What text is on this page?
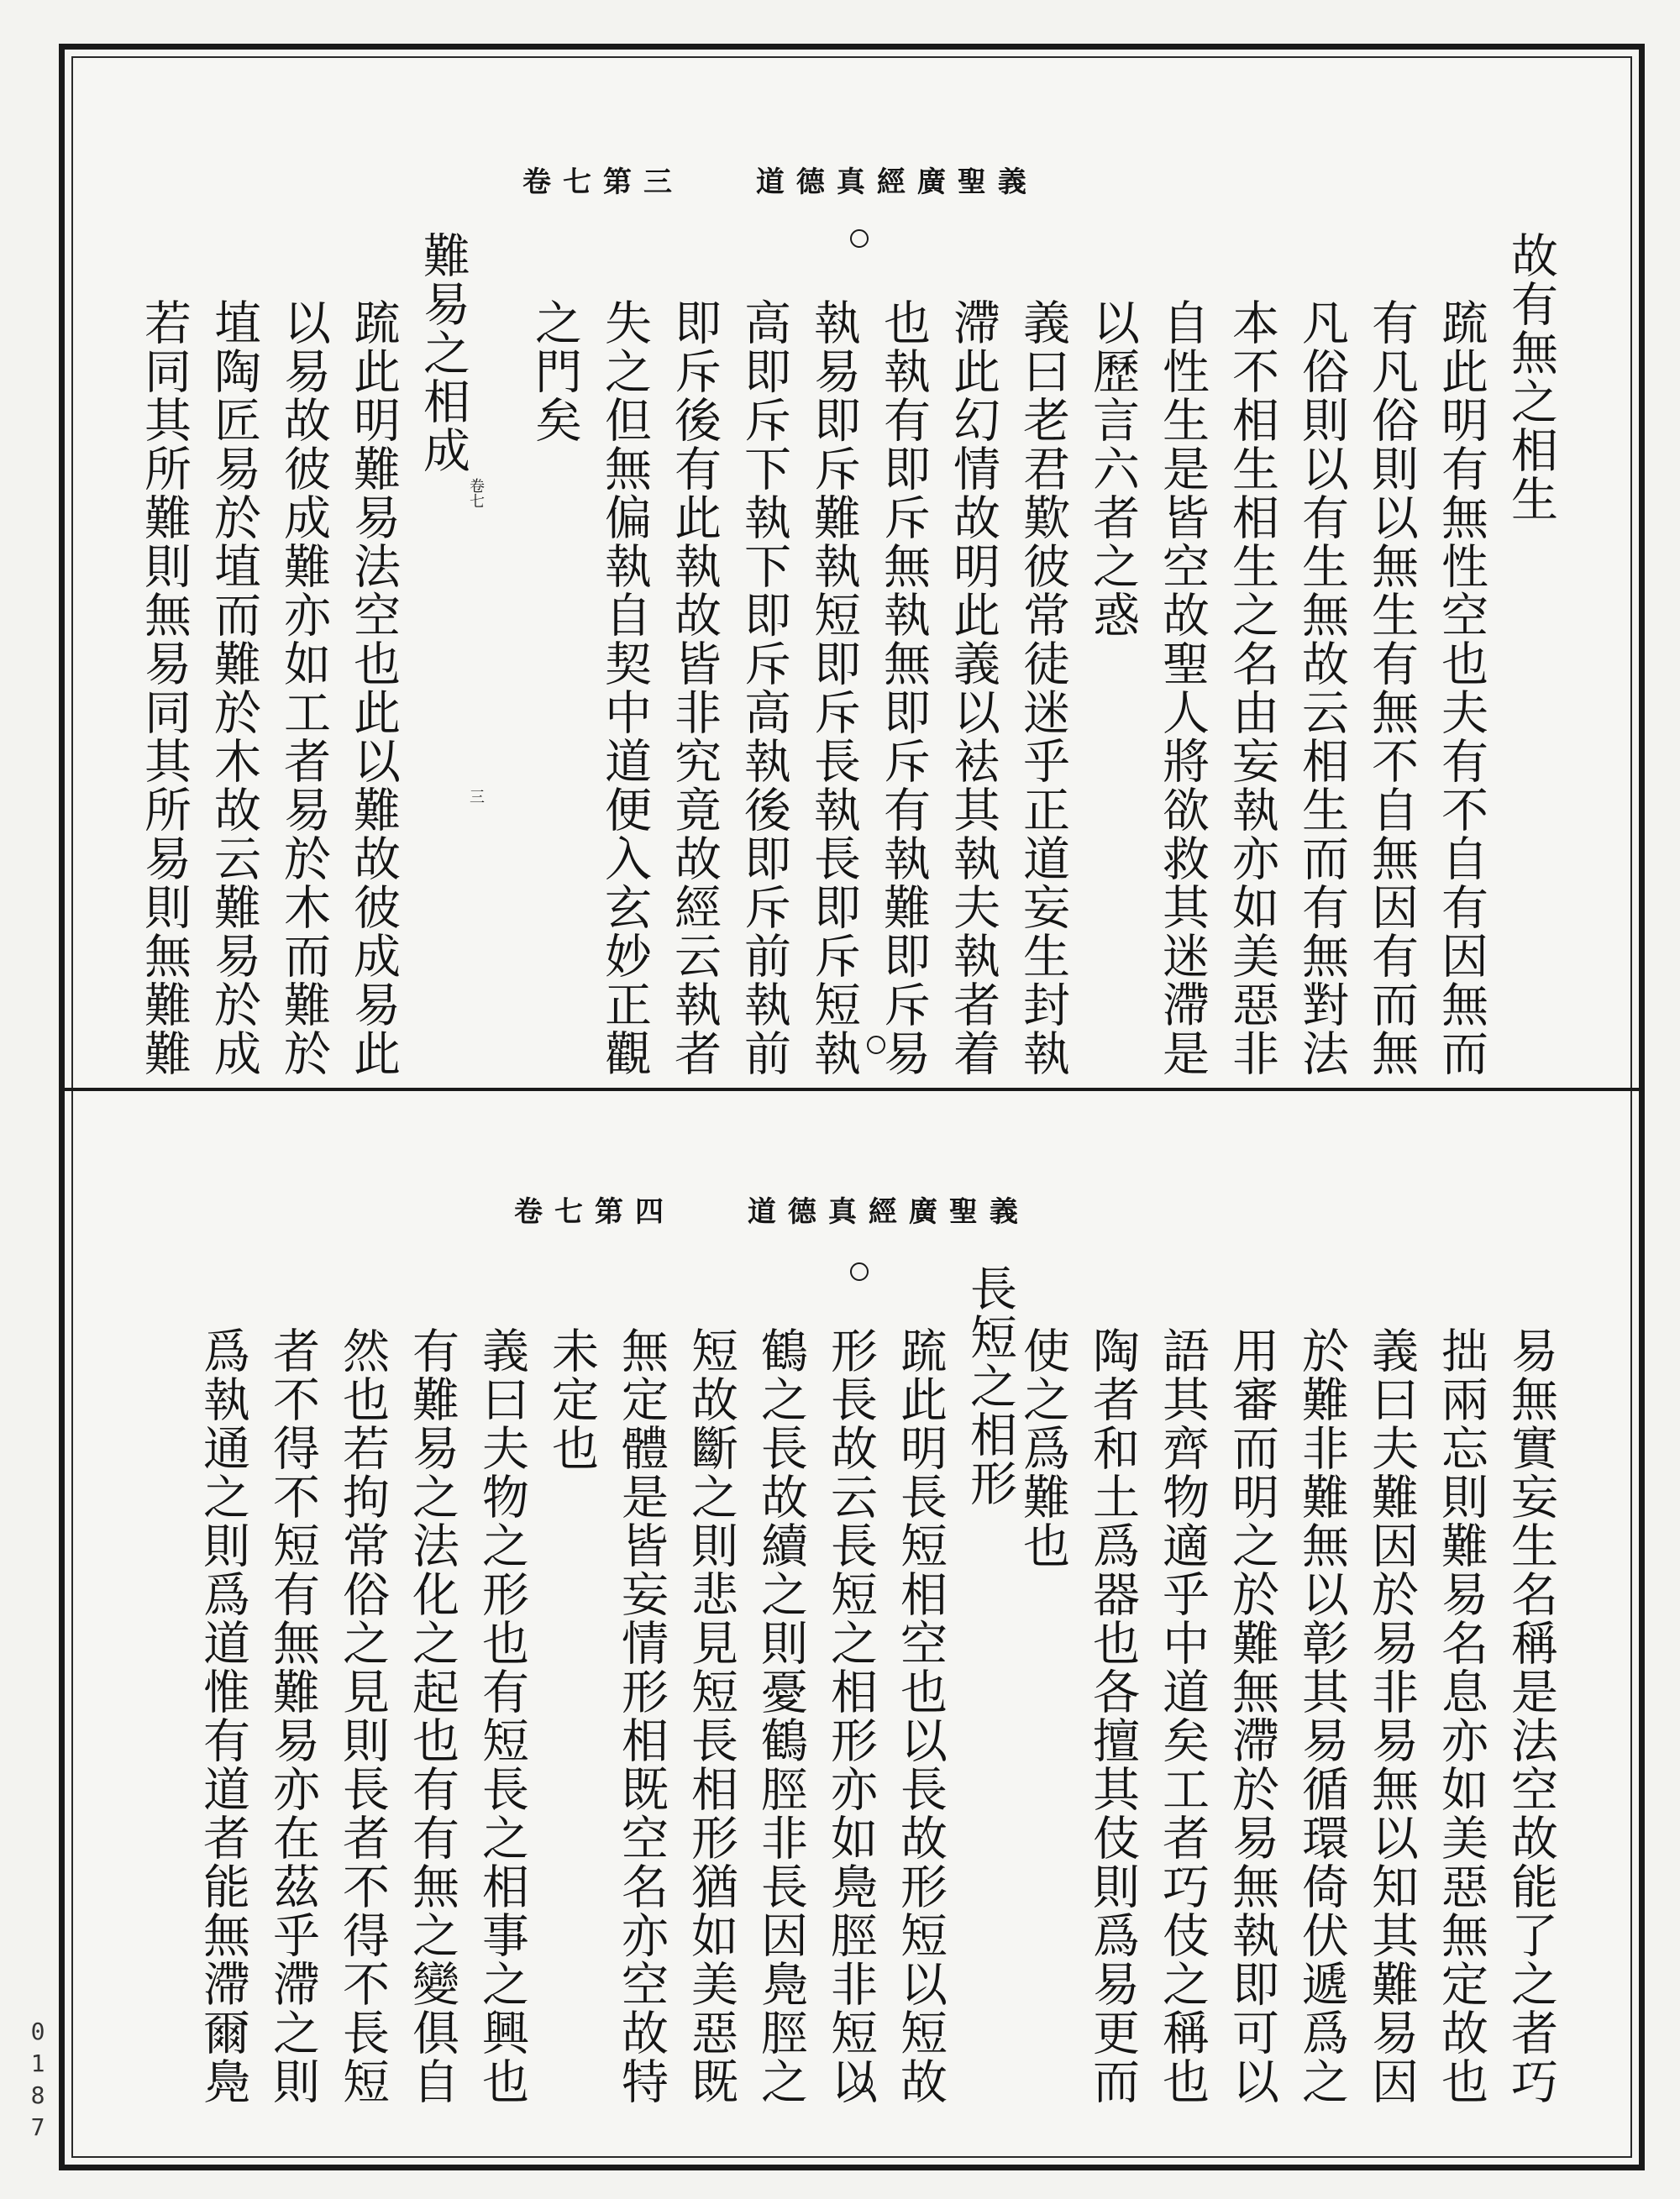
卷七第三	道德真經廣聖義
故有無之相生
䟽此明有無性空也夫有不自有因無而
有凡俗則以無生有無不自無因有而無
凡俗則以有生無故云相生而有無對法
本不相生相生之名由妄執亦如美惡非
自性生是皆空故聖人將欲救其迷滯是
以歷言六者之惑
義曰老君歎彼常徒迷乎正道妄生封執
滯此幻情故明此義以袪其執夫執者着
也執有即斥無執無即斥有執難即斥易
執易即斥難執短即斥長執長即斥短執
高即斥下執下即斥高執後即斥前執前
即斥後有此執故皆非究竟故經云執者
失之但無偏執自契中道便入玄妙正觀
之門矣
難易之相成
䟽此明難易法空也此以難故彼成易此
以易故彼成難亦如工者易於木而難於
埴陶匠易於埴而難於木故云難易於成
若同其所難則無易同其所易則無難難	卷七
三
卷七第四	道德真經廣聖義
易無實妄生名稱是法空故能了之者巧
拙兩忘則難易名息亦如美惡無定故也
義曰夫難因於易非易無以知其難易因
於難非難無以彰其易循環倚伏遞爲之
用審而明之於難無滯於易無執即可以
語其齊物適乎中道矣工者巧伎之稱也
陶者和土爲器也各擅其伎則爲易更而
使之爲難也
長短之相形
䟽此明長短相空也以長故形短以短故
形長故云長短之相形亦如鳧脛非短以
鶴之長故續之則憂鶴脛非長因鳧脛之
短故斷之則悲見短長相形猶如美惡既
無定體是皆妄情形相既空名亦空故特
未定也
義曰夫物之形也有短長之相事之興也
有難易之法化之起也有有無之變俱自
然也若拘常俗之見則長者不得不長短
者不得不短有無難易亦在茲乎滯之則
爲執通之則爲道惟有道者能無滯爾鳧
0187
